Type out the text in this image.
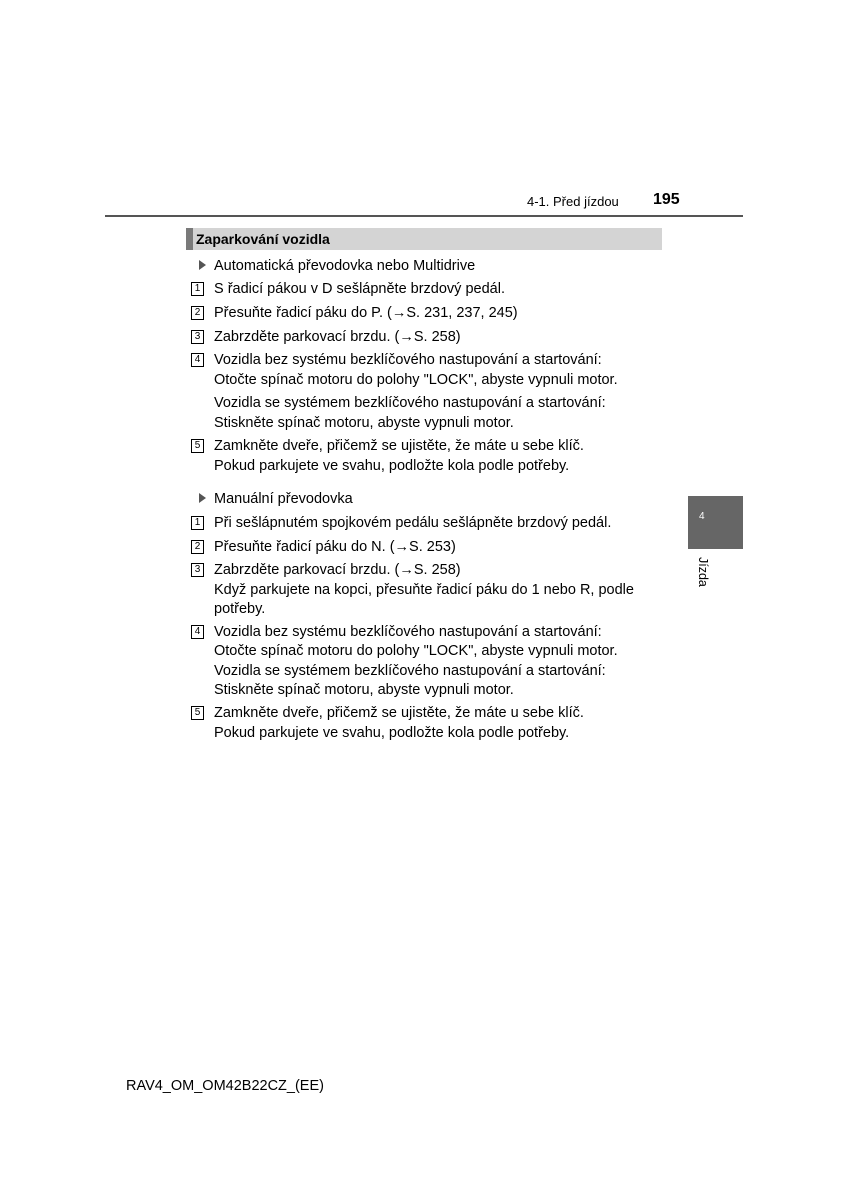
4-1. Před jízdou 195
Zaparkování vozidla
Automatická převodovka nebo Multidrive
1 S řadicí pákou v D sešlápněte brzdový pedál.
2 Přesuňte řadicí páku do P. (→S. 231, 237, 245)
3 Zabrzděte parkovací brzdu. (→S. 258)
4 Vozidla bez systému bezklíčového nastupování a startování:
Otočte spínač motoru do polohy "LOCK", abyste vypnuli motor.
Vozidla se systémem bezklíčového nastupování a startování:
Stiskněte spínač motoru, abyste vypnuli motor.
5 Zamkněte dveře, přičemž se ujistěte, že máte u sebe klíč.
Pokud parkujete ve svahu, podložte kola podle potřeby.
Manuální převodovka
1 Při sešlápnutém spojkovém pedálu sešlápněte brzdový pedál.
2 Přesuňte řadicí páku do N. (→S. 253)
3 Zabrzděte parkovací brzdu. (→S. 258)
Když parkujete na kopci, přesuňte řadicí páku do 1 nebo R, podle
potřeby.
4 Vozidla bez systému bezklíčového nastupování a startování:
Otočte spínač motoru do polohy "LOCK", abyste vypnuli motor.
Vozidla se systémem bezklíčového nastupování a startování:
Stiskněte spínač motoru, abyste vypnuli motor.
5 Zamkněte dveře, přičemž se ujistěte, že máte u sebe klíč.
Pokud parkujete ve svahu, podložte kola podle potřeby.
4
Jízda
RAV4_OM_OM42B22CZ_(EE)
